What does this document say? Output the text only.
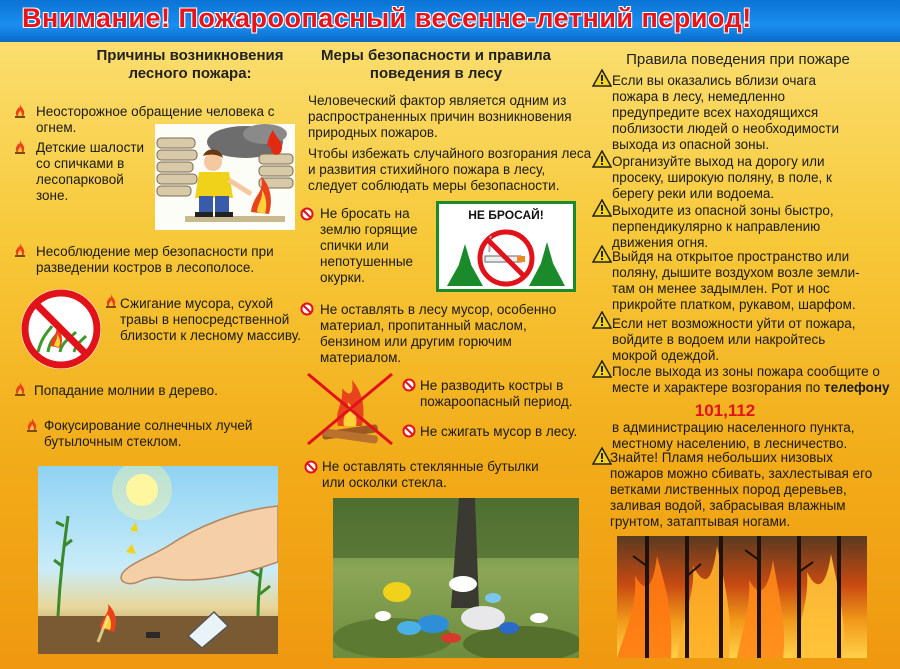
Внимание! Пожароопасный весенне-летний период!
Причины возникновения лесного пожара:
Неосторожное обращение человека с огнем.
Детские шалости со спичками в лесопарковой зоне.
Несоблюдение мер безопасности при разведении костров в лесополосе.
Сжигание мусора, сухой травы в непосредственной близости к лесному массиву.
Попадание молнии в дерево.
Фокусирование солнечных лучей бутылочным стеклом.
Меры безопасности и правила поведения в лесу
Человеческий фактор является одним из распространенных причин возникновения природных пожаров.
Чтобы избежать случайного возгорания леса и развития стихийного пожара в лесу, следует соблюдать меры безопасности.
Не бросать на землю горящие спички или непотушенные окурки.
НЕ БРОСАЙ!
Не оставлять в лесу мусор, особенно материал, пропитанный маслом, бензином или другим горючим материалом.
Не разводить костры в пожароопасный период.
Не сжигать мусор в лесу.
Не оставлять стеклянные бутылки или осколки стекла.
Правила поведения при пожаре
Если вы оказались вблизи очага пожара в лесу, немедленно предупредите всех находящихся поблизости людей о необходимости выхода из опасной зоны.
Организуйте выход на дорогу или просеку, широкую поляну, в поле, к берегу реки или водоема.
Выходите из опасной зоны быстро, перпендикулярно к направлению движения огня.
Выйдя на открытое пространство или поляну, дышите воздухом возле земли-там он менее задымлен. Рот и нос прикройте платком, рукавом, шарфом.
Если нет возможности уйти от пожара, войдите в водоем или накройтесь мокрой одеждой.
После выхода из зоны пожара сообщите о месте и характере возгорания по телефону
101,112
в администрацию населенного пункта, местному населению, в лесничество.
Знайте! Пламя небольших низовых пожаров можно сбивать, захлестывая его ветками лиственных пород деревьев, заливая водой, забрасывая влажным грунтом, затаптывая ногами.
